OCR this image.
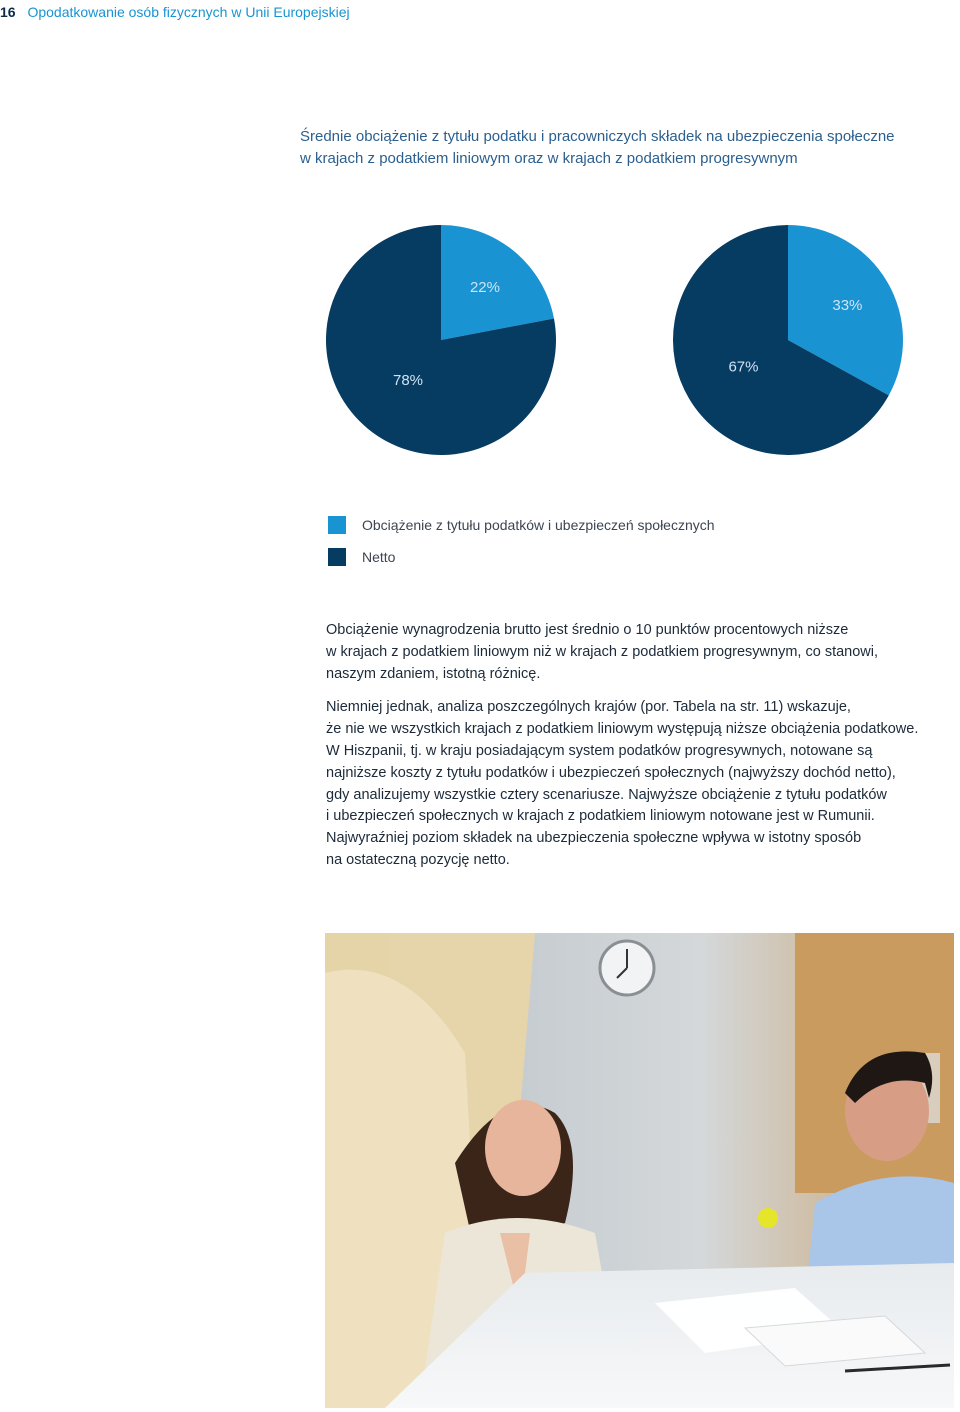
16 Opodatkowanie osób fizycznych w Unii Europejskiej
Średnie obciążenie z tytułu podatku i pracowniczych składek na ubezpieczenia społeczne
w krajach z podatkiem liniowym oraz w krajach z podatkiem progresywnym
22%
78%
33%
67%
Obciążenie z tytułu podatków i ubezpieczeń społecznych
Netto

Obciążenie wynagrodzenia brutto jest średnio o 10 punktów procentowych niższe
w krajach z podatkiem liniowym niż w krajach z podatkiem progresywnym, co stanowi,
naszym zdaniem, istotną różnicę.

Niemniej jednak, analiza poszczególnych krajów (por. Tabela na str. 11) wskazuje,
że nie we wszystkich krajach z podatkiem liniowym występują niższe obciążenia podatkowe.
W Hiszpanii, tj. w kraju posiadającym system podatków progresywnych, notowane są
najniższe koszty z tytułu podatków i ubezpieczeń społecznych (najwyższy dochód netto),
gdy analizujemy wszystkie cztery scenariusze. Najwyższe obciążenie z tytułu podatków
i ubezpieczeń społecznych w krajach z podatkiem liniowym notowane jest w Rumunii.
Najwyraźniej poziom składek na ubezpieczenia społeczne wpływa w istotny sposób
na ostateczną pozycję netto.
